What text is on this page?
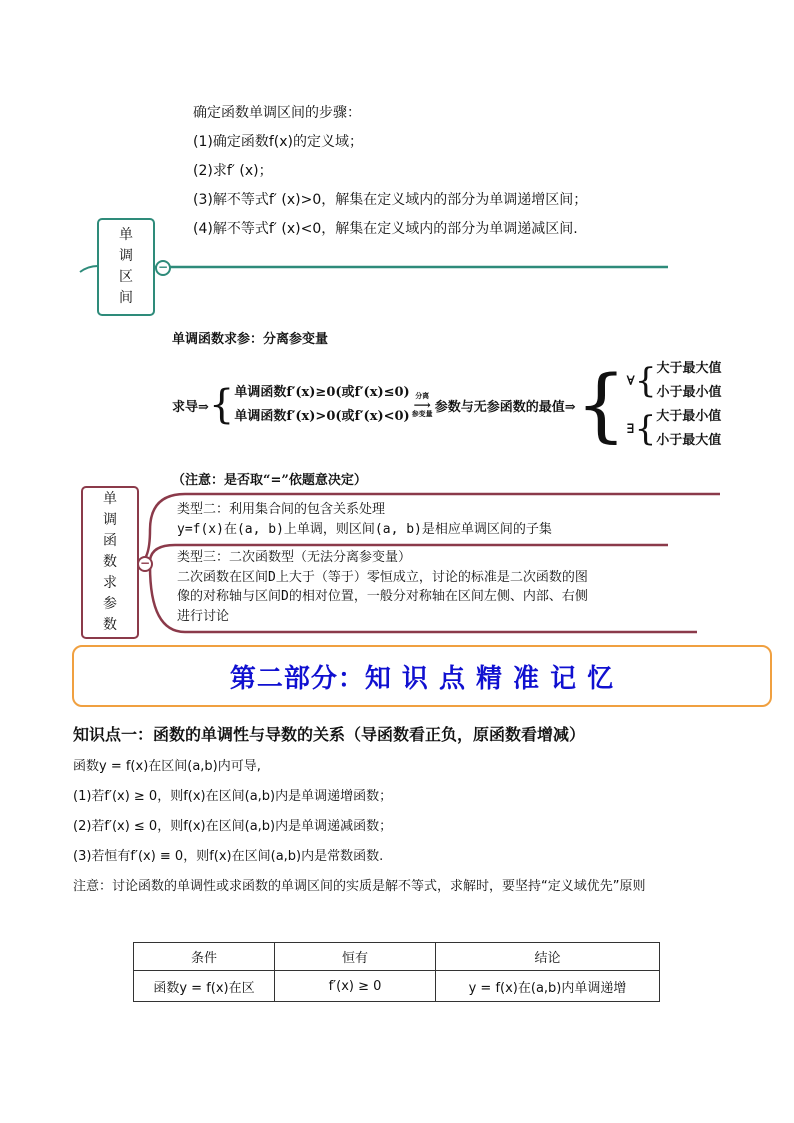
确定函数单调区间的步骤：
(1)确定函数f(x)的定义域；
(2)求f′ (x)；
(3)解不等式f′ (x)>0，解集在定义域内的部分为单调递增区间；
(4)解不等式f′ (x)<0，解集在定义域内的部分为单调递减区间.
单
调
区
间
−
单调函数求参：分离参变量
求导⇒ { 单调函数f′(x)≥0(或f′(x)≤0)
单调函数f′(x)>0(或f′(x)<0)
分离
⟶
参变量 参数与无参函数的最值⇒ { ∀ { 大于最大值
小于最小值
∃ { 大于最小值
小于最大值
（注意：是否取“=”依题意决定）
单
调
函
数
求
参
数
−
类型二：利用集合间的包含关系处理
y=f(x)在(a, b)上单调，则区间(a, b)是相应单调区间的子集
类型三：二次函数型（无法分离参变量）
二次函数在区间D上大于（等于）零恒成立，讨论的标准是二次函数的图
像的对称轴与区间D的相对位置，一般分对称轴在区间左侧、内部、右侧
进行讨论
第二部分：知 识 点 精 准 记 忆
知识点一：函数的单调性与导数的关系（导函数看正负，原函数看增减）
函数y = f(x)在区间(a,b)内可导,
(1)若f′(x) ≥ 0，则f(x)在区间(a,b)内是单调递增函数；
(2)若f′(x) ≤ 0，则f(x)在区间(a,b)内是单调递减函数；
(3)若恒有f′(x) ≡ 0，则f(x)在区间(a,b)内是常数函数.
注意：讨论函数的单调性或求函数的单调区间的实质是解不等式，求解时，要坚持“定义域优先”原则
条件	恒有	结论
函数y = f(x)在区	f′(x) ≥ 0	y = f(x)在(a,b)内单调递增
